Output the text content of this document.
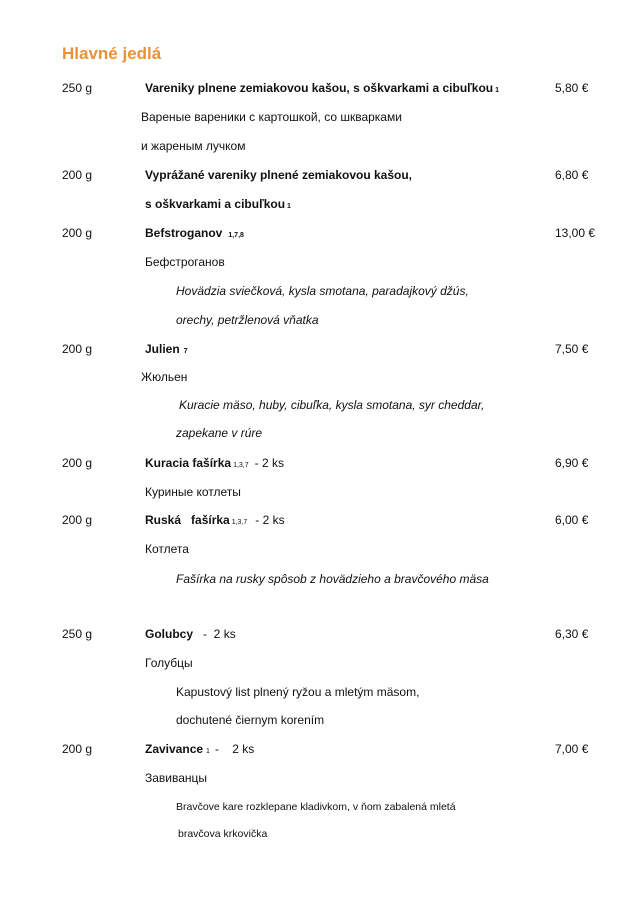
Hlavné jedlá
250 g	Vareniky plnene zemiakovou kašou, s oškvarkami a cibuľkou 1	5,80 €
Вареные вареники с картошкой, со шкварками
и жареным лучком
200 g	Vyprážané vareniky plnené zemiakovou kašou,	6,80 €
s oškvarkami a cibuľkou 1
200 g	Befstroganov 1,7,8	13,00 €
Бефстроганов
Hovädzia sviečková, kysla smotana, paradajkový džús,
orechy, petržlenová vňatka
200 g	Julien 7	7,50 €
Жюльен
Kuracie mäso, huby, cibuľka, kysla smotana, syr cheddar,
zapekane v rúre
200 g	Kuracia fašírka 1,3,7 - 2 ks	6,90 €
Куриные котлеты
200 g	Ruská   fašírka 1,3,7 - 2 ks	6,00 €
Котлета
Fašírka na rusky spôsob z hovädzieho a bravčového mäsa
250 g	Golubcy -  2 ks	6,30 €
Голубцы
Kapustový list plnený ryžou a mletým mäsom,
dochutené čiernym korením
200 g	Zavivance 1 -    2 ks	7,00 €
Завиванцы
Bravčove kare rozklepane kladivkom, v ňom zabalená mletá
bravčova krkovička
